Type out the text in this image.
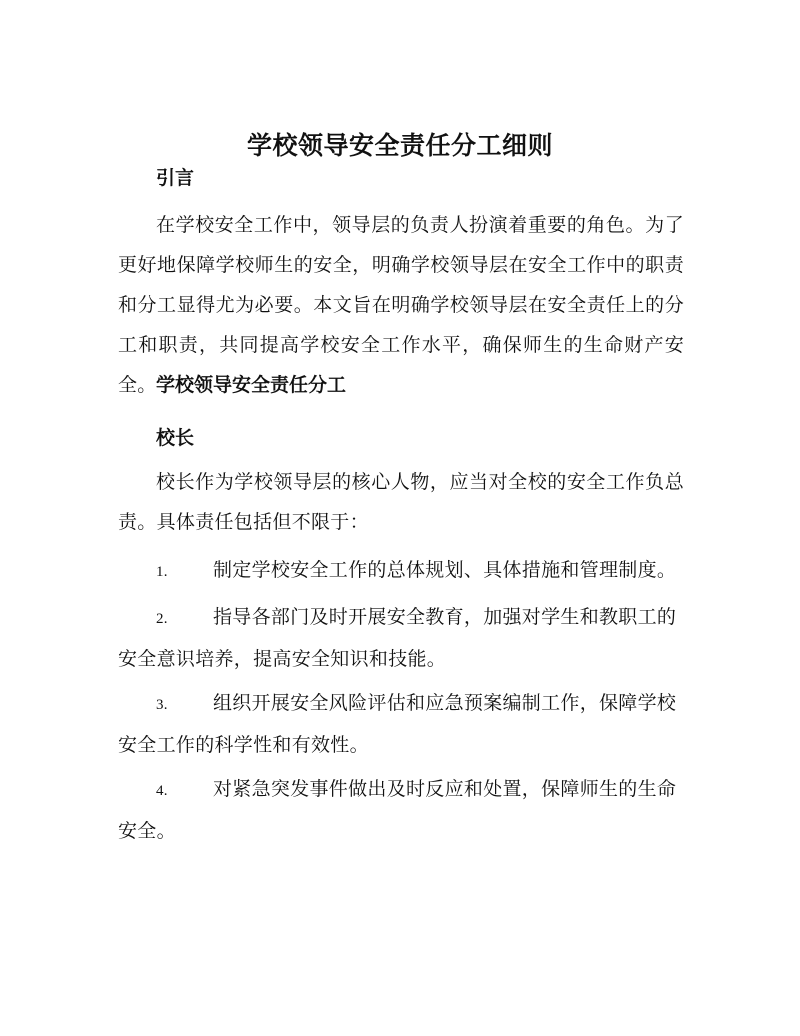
学校领导安全责任分工细则
引言
在学校安全工作中，领导层的负责人扮演着重要的角色。为了更好地保障学校师生的安全，明确学校领导层在安全工作中的职责和分工显得尤为必要。本文旨在明确学校领导层在安全责任上的分工和职责，共同提高学校安全工作水平，确保师生的生命财产安全。 学校领导安全责任分工
校长
校长作为学校领导层的核心人物，应当对全校的安全工作负总责。具体责任包括但不限于：
1. 制定学校安全工作的总体规划、具体措施和管理制度。
2. 指导各部门及时开展安全教育，加强对学生和教职工的安全意识培养，提高安全知识和技能。
3. 组织开展安全风险评估和应急预案编制工作，保障学校安全工作的科学性和有效性。
4. 对紧急突发事件做出及时反应和处置，保障师生的生命安全。
